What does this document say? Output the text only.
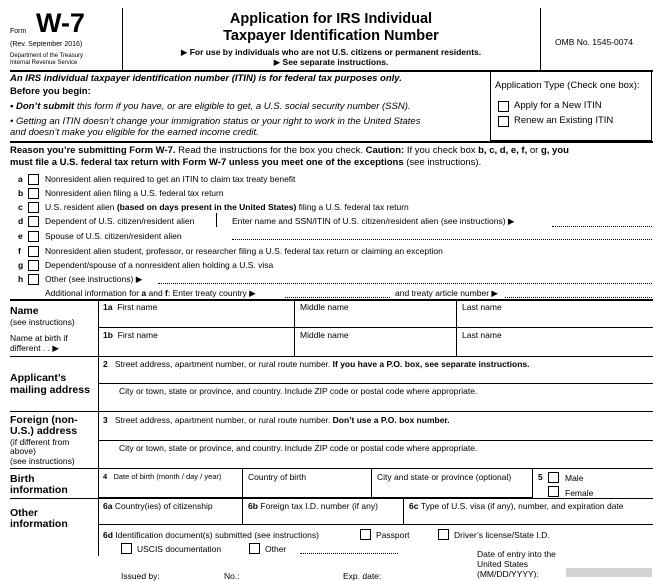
Form W-7
(Rev. September 2016)
Department of the Treasury
Internal Revenue Service
Application for IRS Individual
Taxpayer Identification Number
▶ For use by individuals who are not U.S. citizens or permanent residents.
▶ See separate instructions.
OMB No. 1545-0074
An IRS individual taxpayer identification number (ITIN) is for federal tax purposes only.
Before you begin:
• Don’t submit this form if you have, or are eligible to get, a U.S. social security number (SSN).
• Getting an ITIN doesn’t change your immigration status or your right to work in the United States
and doesn’t make you eligible for the earned income credit.
Application Type (Check one box):
Apply for a New ITIN
Renew an Existing ITIN
Reason you’re submitting Form W-7. Read the instructions for the box you check. Caution: If you check box b, c, d, e, f, or g, you
must file a U.S. federal tax return with Form W-7 unless you meet one of the exceptions (see instructions).
a	Nonresident alien required to get an ITIN to claim tax treaty benefit
b	Nonresident alien filing a U.S. federal tax return
c	U.S. resident alien (based on days present in the United States) filing a U.S. federal tax return
d	Dependent of U.S. citizen/resident alien	Enter name and SSN/ITIN of U.S. citizen/resident alien (see instructions) ▶
e	Spouse of U.S. citizen/resident alien
f	Nonresident alien student, professor, or researcher filing a U.S. federal tax return or claiming an exception
g	Dependent/spouse of a nonresident alien holding a U.S. visa
h	Other (see instructions) ▶
Additional information for a and f: Enter treaty country ▶	and treaty article number ▶
Name
(see instructions)
Name at birth if
different . . ▶
1a First name	Middle name	Last name
1b First name	Middle name	Last name
Applicant’s
mailing address
2 Street address, apartment number, or rural route number. If you have a P.O. box, see separate instructions.
City or town, state or province, and country. Include ZIP code or postal code where appropriate.
Foreign (non-
U.S.) address
(if different from
above)
(see instructions)
3 Street address, apartment number, or rural route number. Don’t use a P.O. box number.
City or town, state or province, and country. Include ZIP code or postal code where appropriate.
Birth
information
4 Date of birth (month / day / year)	Country of birth	City and state or province (optional)	5	Male
Female
Other
information
6a Country(ies) of citizenship	6b Foreign tax I.D. number (if any)	6c Type of U.S. visa (if any), number, and expiration date
6d Identification document(s) submitted (see instructions)	Passport	Driver’s license/State I.D.
USCIS documentation	Other	Date of entry into the
United States
(MM/DD/YYYY):
Issued by:	No.:	Exp. date:
